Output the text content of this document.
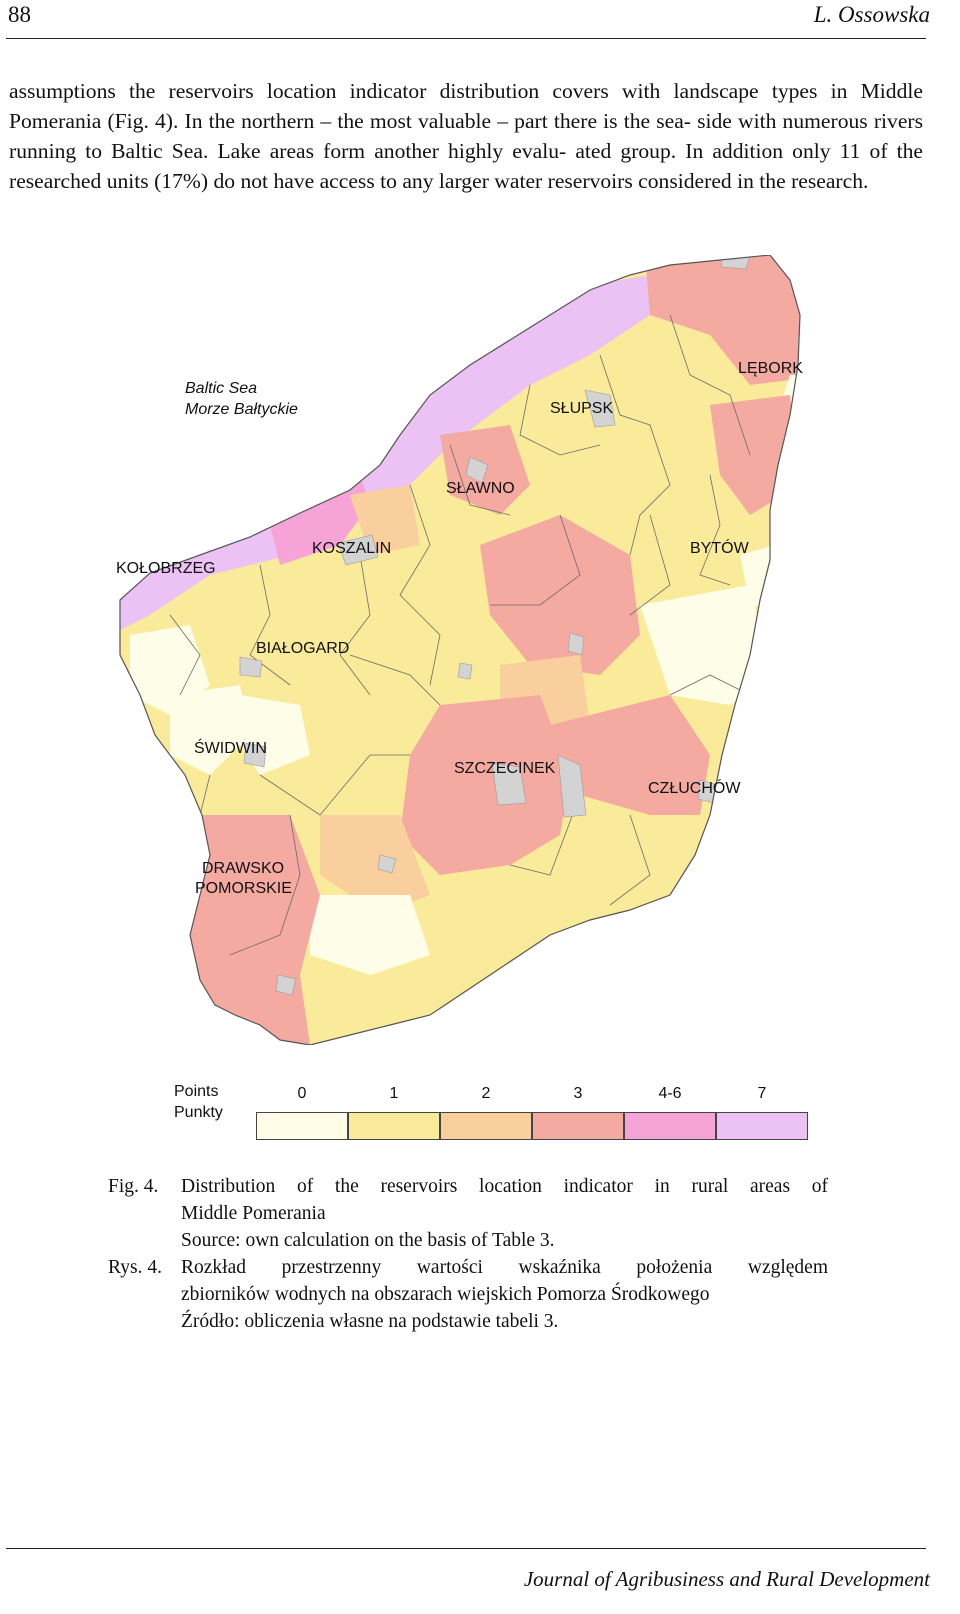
88	L. Ossowska
assumptions the reservoirs location indicator distribution covers with landscape types in Middle Pomerania (Fig. 4). In the northern – the most valuable – part there is the sea- side with numerous rivers running to Baltic Sea. Lake areas form another highly evalu- ated group. In addition only 11 of the researched units (17%) do not have access to any larger water reservoirs considered in the research.
Baltic Sea
Morze Bałtyckie
LĘBORK
SŁUPSK
SŁAWNO
KOSZALIN
KOŁOBRZEG
BYTÓW
BIAŁOGARD
ŚWIDWIN
SZCZECINEK
CZŁUCHÓW
DRAWSKO
POMORSKIE
Points
Punkty
0	1	2	3	4-6	7
Fig. 4. Distribution of the reservoirs location indicator in rural areas of
Middle Pomerania
Source: own calculation on the basis of Table 3.
Rys. 4. Rozkład przestrzenny wartości wskaźnika położenia względem
zbiorników wodnych na obszarach wiejskich Pomorza Środkowego
Źródło: obliczenia własne na podstawie tabeli 3.
Journal of Agribusiness and Rural Development
